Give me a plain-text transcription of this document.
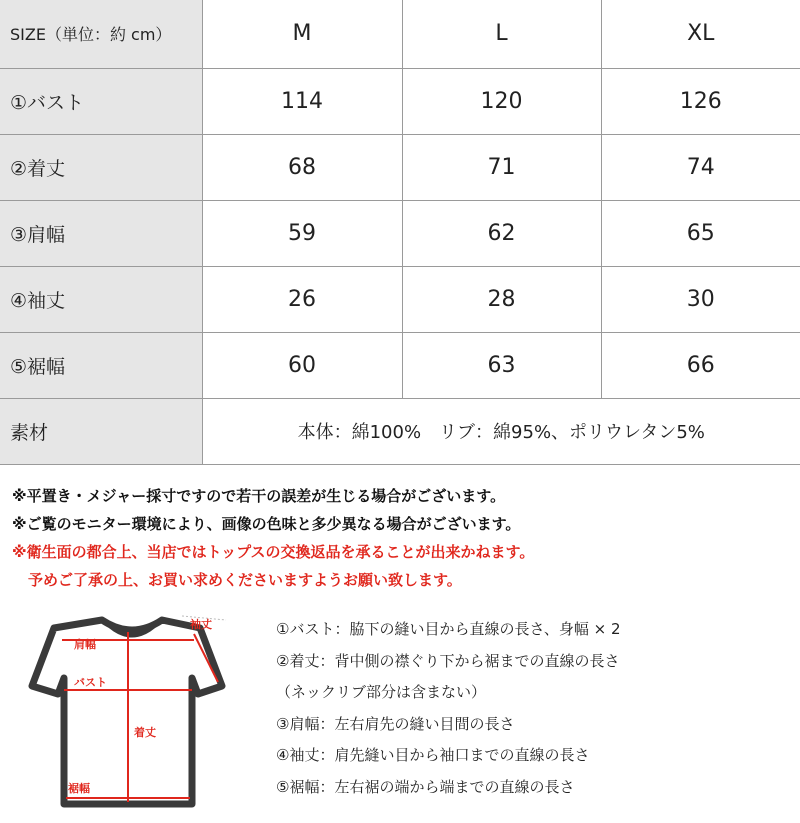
SIZE（単位：約 cm）	M	L	XL
①バスト	114	120	126
②着丈	68	71	74
③肩幅	59	62	65
④袖丈	26	28	30
⑤裾幅	60	63	66
素材	本体：綿100%　リブ：綿95%、ポリウレタン5%		
※平置き・メジャー採寸ですので若干の誤差が生じる場合がございます。
※ご覧のモニター環境により、画像の色味と多少異なる場合がございます。
※衛生面の都合上、当店ではトップスの交換返品を承ることが出来かねます。
予めご了承の上、お買い求めくださいますようお願い致します。
肩幅
袖丈
バスト
着丈
裾幅
①バスト：脇下の縫い目から直線の長さ、身幅 × 2
②着丈：背中側の襟ぐり下から裾までの直線の長さ
（ネックリブ部分は含まない）
③肩幅：左右肩先の縫い目間の長さ
④袖丈：肩先縫い目から袖口までの直線の長さ
⑤裾幅：左右裾の端から端までの直線の長さ
